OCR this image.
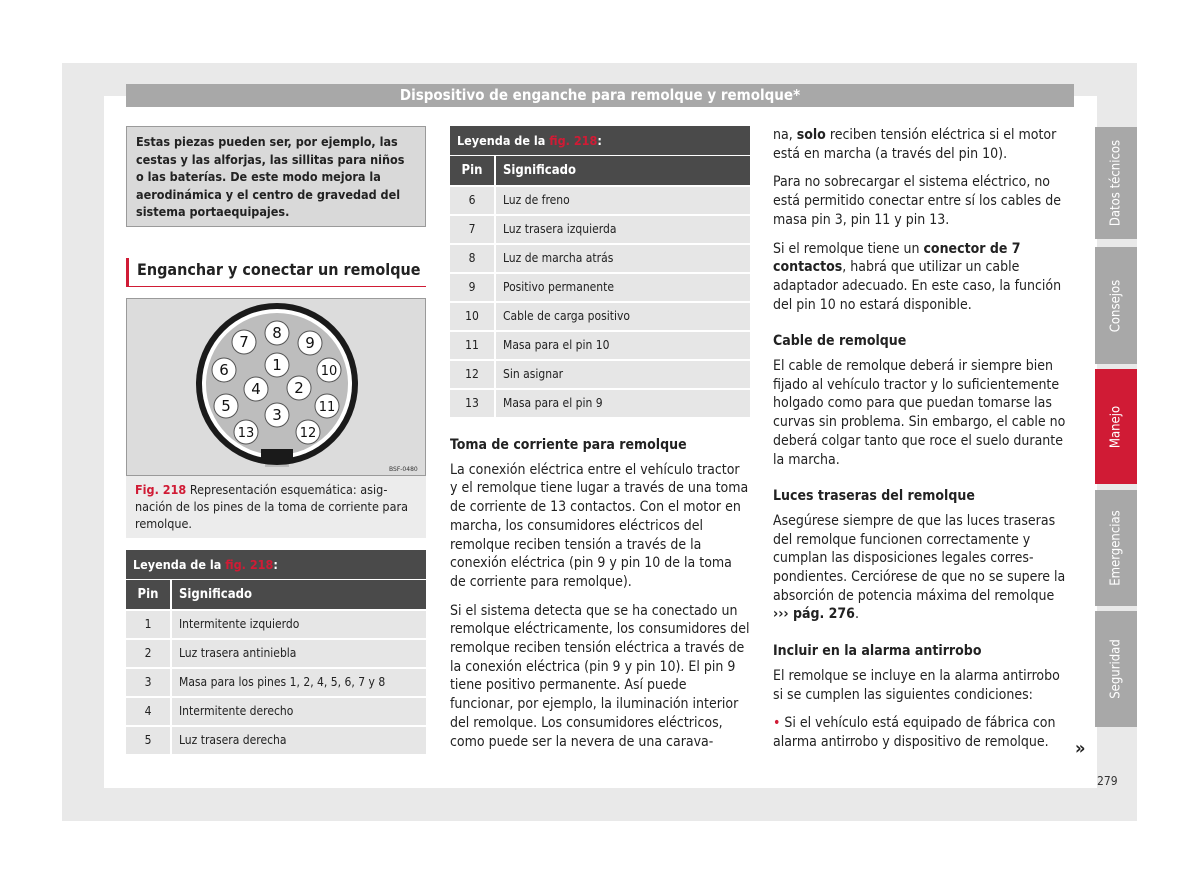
Dispositivo de enganche para remolque y remolque*
Estas piezas pueden ser, por ejemplo, las cestas y las alforjas, las sillitas para niños o las baterías. De este modo mejora la aerodinámica y el centro de gravedad del sistema portaequipajes.
Enganchar y conectar un remolque
1
2
3
4
5
6
7 8
9
10
11
12
13
BSF-0480
Fig. 218 Representación esquemática: asignación de los pines de la toma de corriente para remolque.
Leyenda de la fig. 218:
Pin	Significado
1	Intermitente izquierdo
2	Luz trasera antiniebla
3	Masa para los pines 1, 2, 4, 5, 6, 7 y 8
4	Intermitente derecho
5	Luz trasera derecha
Leyenda de la fig. 218:
Pin	Significado
6	Luz de freno
7	Luz trasera izquierda
8	Luz de marcha atrás
9	Positivo permanente
10	Cable de carga positivo
11	Masa para el pin 10
12	Sin asignar
13	Masa para el pin 9
Toma de corriente para remolque

La conexión eléctrica entre el vehículo tractor y el remolque tiene lugar a través de una toma de corriente de 13 contactos. Con el motor en marcha, los consumidores eléctricos del remolque reciben tensión a través de la conexión eléctrica (pin 9 y pin 10 de la toma de corriente para remolque).

Si el sistema detecta que se ha conectado un remolque eléctricamente, los consumidores del remolque reciben tensión eléctrica a través de la conexión eléctrica (pin 9 y pin 10). El pin 9 tiene positivo permanente. Así puede funcionar, por ejemplo, la iluminación interior del remolque. Los consumidores eléctricos, como puede ser la nevera de una carava-

na, solo reciben tensión eléctrica si el motor está en marcha (a través del pin 10).

Para no sobrecargar el sistema eléctrico, no está permitido conectar entre sí los cables de masa pin 3, pin 11 y pin 13.

Si el remolque tiene un conector de 7 contactos, habrá que utilizar un cable adaptador adecuado. En este caso, la función del pin 10 no estará disponible.

Cable de remolque

El cable de remolque deberá ir siempre bien fijado al vehículo tractor y lo suficientemente holgado como para que puedan tomarse las curvas sin problema. Sin embargo, el cable no deberá colgar tanto que roce el suelo durante la marcha.

Luces traseras del remolque

Asegúrese siempre de que las luces traseras del remolque funcionen correctamente y cumplan las disposiciones legales correspondientes. Cerciórese de que no se supere la absorción de potencia máxima del remolque ››› pág. 276.

Incluir en la alarma antirrobo

El remolque se incluye en la alarma antirrobo si se cumplen las siguientes condiciones:

• Si el vehículo está equipado de fábrica con alarma antirrobo y dispositivo de remolque.	»
Datos técnicos
Consejos
Manejo
Emergencias
Seguridad
279
